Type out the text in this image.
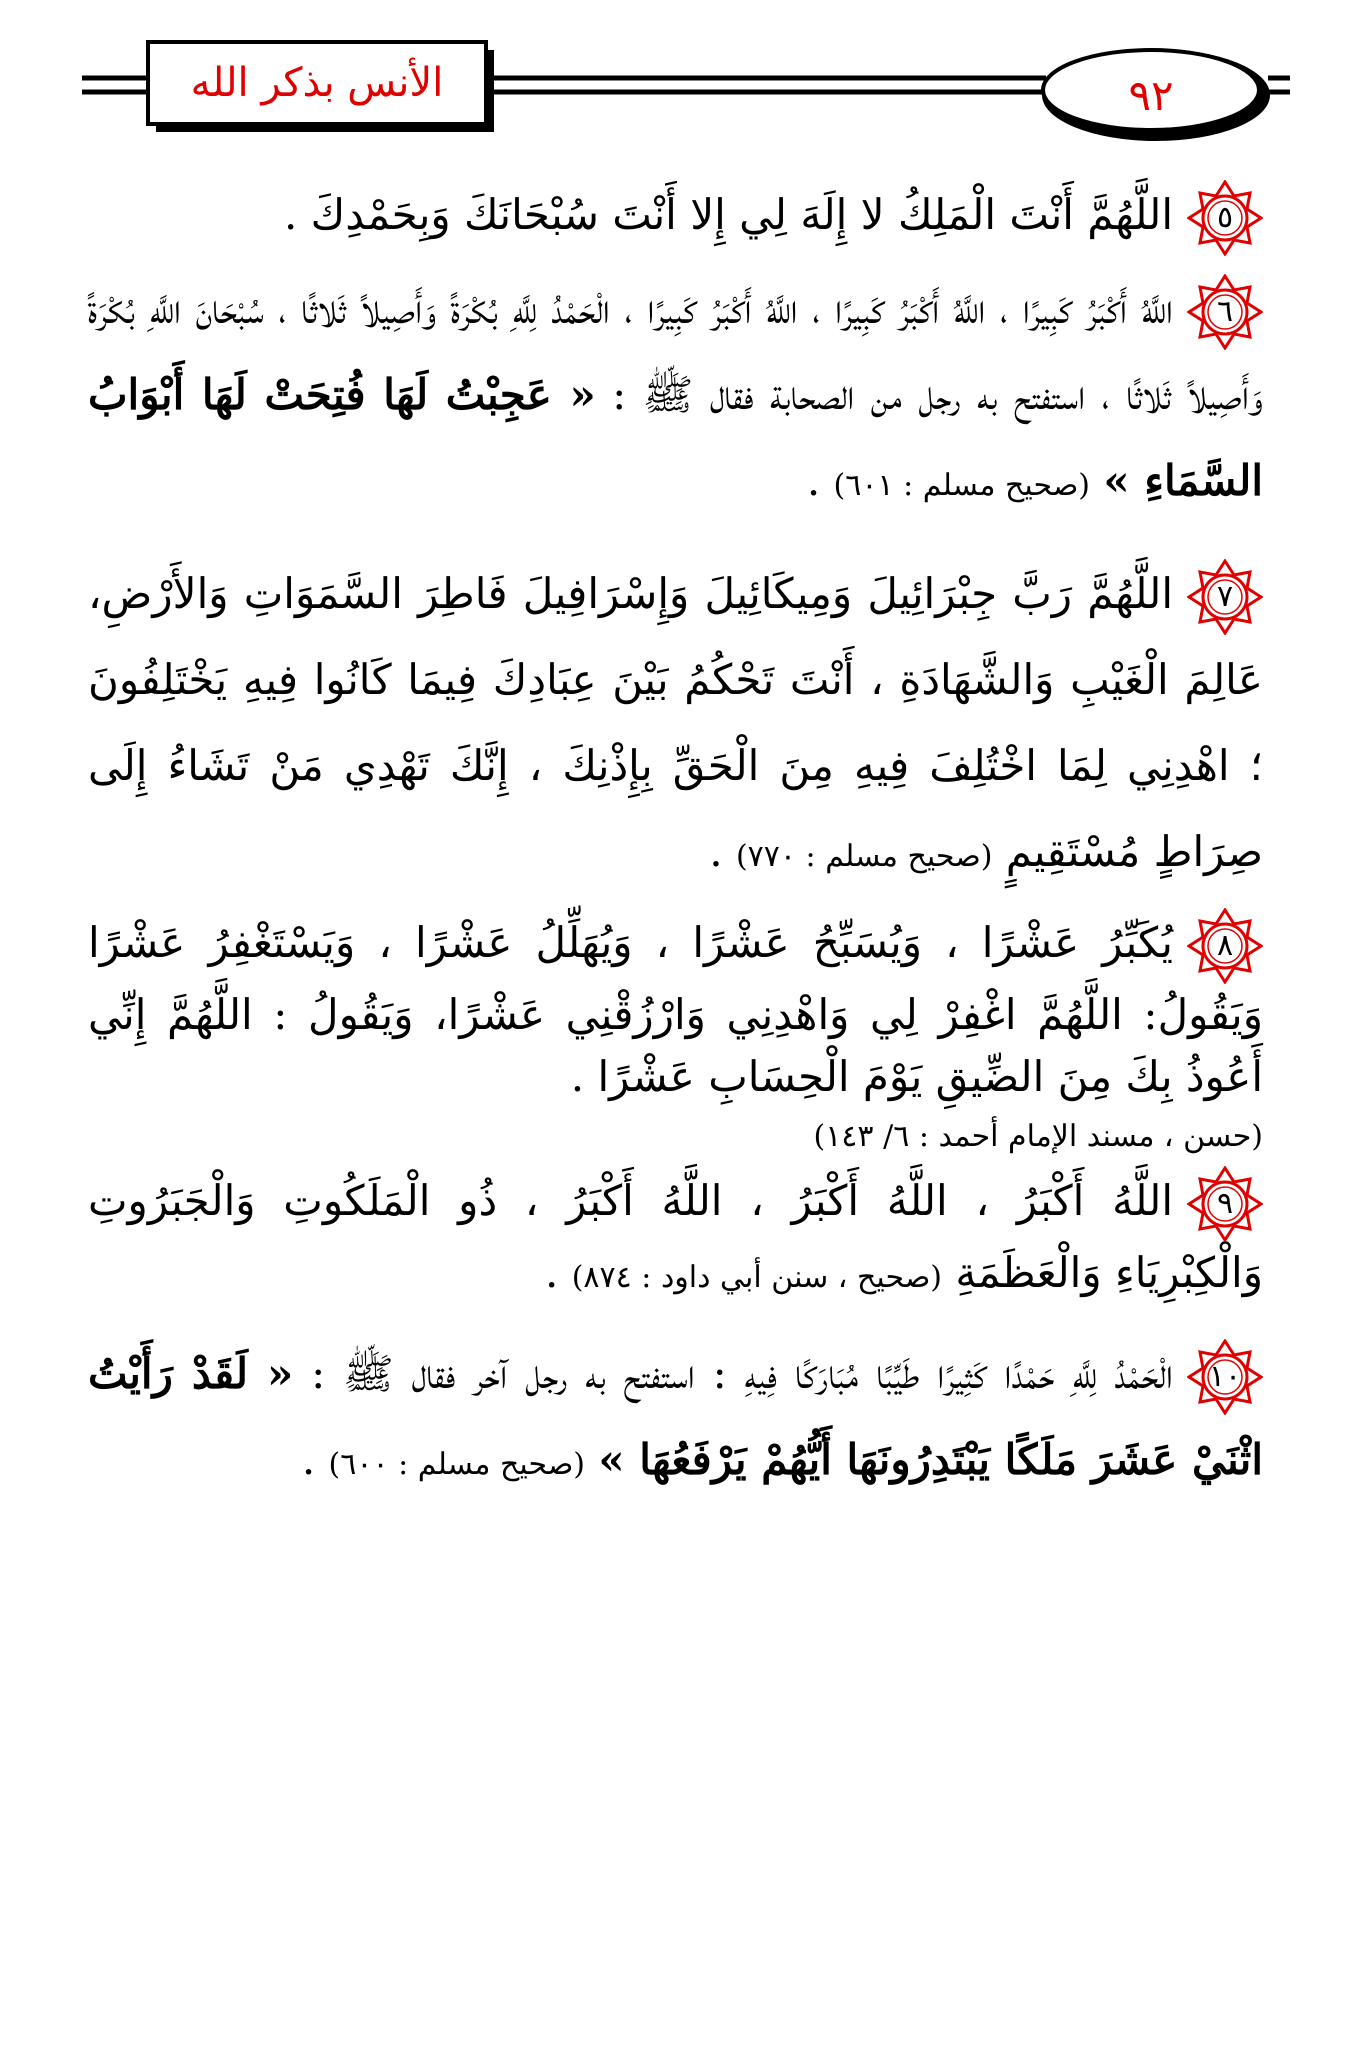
الأنس بذكر الله	٩٢
٥
اللَّهُمَّ أَنْتَ الْمَلِكُ لا إِلَهَ لِي إِلا أَنْتَ سُبْحَانَكَ وَبِحَمْدِكَ .
٦
اللَّهُ أَكْبَرُ كَبِيرًا ، اللَّهُ أَكْبَرُ كَبِيرًا ، اللَّهُ أَكْبَرُ كَبِيرًا ، الْحَمْدُ لِلَّهِ بُكْرَةً وَأَصِيلاً ثَلاثًا ، سُبْحَانَ اللَّهِ بُكْرَةً وَأَصِيلاً ثَلاثًا ، استفتح به رجل من الصحابة فقال ﷺ : « عَجِبْتُ لَهَا فُتِحَتْ لَهَا أَبْوَابُ السَّمَاءِ » (صحيح مسلم : ٦٠١) .
٧
اللَّهُمَّ رَبَّ جِبْرَائِيلَ وَمِيكَائِيلَ وَإِسْرَافِيلَ فَاطِرَ السَّمَوَاتِ وَالأَرْضِ، عَالِمَ الْغَيْبِ وَالشَّهَادَةِ ، أَنْتَ تَحْكُمُ بَيْنَ عِبَادِكَ فِيمَا كَانُوا فِيهِ يَخْتَلِفُونَ ؛ اهْدِنِي لِمَا اخْتُلِفَ فِيهِ مِنَ الْحَقِّ بِإِذْنِكَ ، إِنَّكَ تَهْدِي مَنْ تَشَاءُ إِلَى صِرَاطٍ مُسْتَقِيمٍ (صحيح مسلم : ٧٧٠) .
٨
يُكَبِّرُ عَشْرًا ، وَيُسَبِّحُ عَشْرًا ، وَيُهَلِّلُ عَشْرًا ، وَيَسْتَغْفِرُ عَشْرًا وَيَقُولُ: اللَّهُمَّ اغْفِرْ لِي وَاهْدِنِي وَارْزُقْنِي عَشْرًا، وَيَقُولُ : اللَّهُمَّ إِنِّي أَعُوذُ بِكَ مِنَ الضِّيقِ يَوْمَ الْحِسَابِ عَشْرًا .
(حسن ، مسند الإمام أحمد : ٦/ ١٤٣)
٩
اللَّهُ أَكْبَرُ ، اللَّهُ أَكْبَرُ ، اللَّهُ أَكْبَرُ ، ذُو الْمَلَكُوتِ وَالْجَبَرُوتِ وَالْكِبْرِيَاءِ وَالْعَظَمَةِ (صحيح ، سنن أبي داود : ٨٧٤) .
١٠
الْحَمْدُ لِلَّهِ حَمْدًا كَثِيرًا طَيِّبًا مُبَارَكًا فِيهِ : استفتح به رجل آخر فقال ﷺ : « لَقَدْ رَأَيْتُ اثْنَيْ عَشَرَ مَلَكًا يَبْتَدِرُونَهَا أَيُّهُمْ يَرْفَعُهَا » (صحيح مسلم : ٦٠٠) .
